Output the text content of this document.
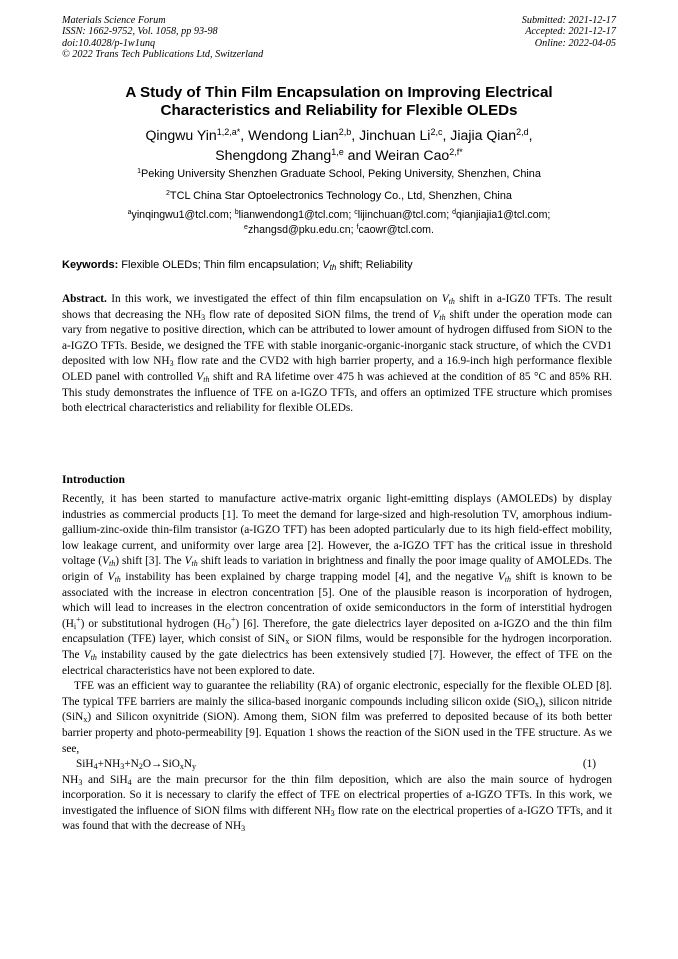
Materials Science Forum
ISSN: 1662-9752, Vol. 1058, pp 93-98
doi:10.4028/p-1w1unq
© 2022 Trans Tech Publications Ltd, Switzerland
Submitted: 2021-12-17
Accepted: 2021-12-17
Online: 2022-04-05
A Study of Thin Film Encapsulation on Improving Electrical
Characteristics and Reliability for Flexible OLEDs
Qingwu Yin$^{1,2,a*}$, Wendong Lian$^{2,b}$, Jinchuan Li$^{2,c}$, Jiajia Qian$^{2,d}$,
Shengdong Zhang$^{1,e}$ and Weiran Cao$^{2,f*}$
$^1$Peking University Shenzhen Graduate School, Peking University, Shenzhen, China
$^2$TCL China Star Optoelectronics Technology Co., Ltd, Shenzhen, China
$^a$yinqingwu1@tcl.com; $^b$lianwendong1@tcl.com; $^c$lijinchuan@tcl.com; $^d$qianjiajia1@tcl.com;
$^e$zhangsd@pku.edu.cn; $^f$caowr@tcl.com.
Keywords: Flexible OLEDs; Thin film encapsulation; $V_{th}$ shift; Reliability
Abstract. In this work, we investigated the effect of thin film encapsulation on $V_{th}$ shift in a-IGZ0 TFTs. The result shows that decreasing the $NH_3$ flow rate of deposited SiON films, the trend of $V_{th}$ shift under the operation mode can vary from negative to positive direction, which can be attributed to lower amount of hydrogen diffused from SiON to the a-IGZO TFTs. Beside, we designed the TFE with stable inorganic-organic-inorganic stack structure, of which the CVD1 deposited with low $NH_3$ flow rate and the CVD2 with high barrier property, and a 16.9-inch high performance flexible OLED panel with controlled $V_{th}$ shift and RA lifetime over 475 h was achieved at the condition of 85 °C and 85% RH. This study demonstrates the influence of TFE on a-IGZO TFTs, and offers an optimized TFE structure which promises both electrical characteristics and reliability for flexible OLEDs.
Introduction

Recently, it has been started to manufacture active-matrix organic light-emitting displays (AMOLEDs) by display industries as commercial products [1]. To meet the demand for large-sized and high-resolution TV, amorphous indium- gallium-zinc-oxide thin-film transistor (a-IGZO TFT) has been adopted particularly due to its high field-effect mobility, low leakage current, and uniformity over large area [2]. However, the a-IGZO TFT has the critical issue in threshold voltage $(V_{th})$ shift [3]. The $V_{th}$ shift leads to variation in brightness and finally the poor image quality of AMOLEDs. The origin of $V_{th}$ instability has been explained by charge trapping model [4], and the negative $V_{th}$ shift is known to be associated with the increase in electron concentration [5]. One of the plausible reason is incorporation of hydrogen, which will lead to increases in the electron concentration of oxide semiconductors in the form of interstitial hydrogen $(H_i^+)$ or substitutional hydrogen $(H_O^+)$ [6]. Therefore, the gate dielectrics layer deposited on a-IGZO and the thin film encapsulation (TFE) layer, which consist of SiN$_x$ or SiON films, would be responsible for the hydrogen incorporation. The $V_{th}$ instability caused by the gate dielectrics has been extensively studied [7]. However, the effect of TFE on the electrical characteristics have not been explored to date.

TFE was an efficient way to guarantee the reliability (RA) of organic electronic, especially for the flexible OLED [8]. The typical TFE barriers are mainly the silica-based inorganic compounds including silicon oxide (SiO$_x$), silicon nitride (SiN$_x$) and Silicon oxynitride (SiON). Among them, SiON film was preferred to deposited because of its both better barrier property and photo-permeability [9]. Equation 1 shows the reaction of the SiON used in the TFE structure. As we see,

$SiH_4+NH_3+N_2O\to SiO_xN_y$	(1)

$NH_3$ and SiH$_4$ are the main precursor for the thin film deposition, which are also the main source of hydrogen incorporation. So it is necessary to clarify the effect of TFE on electrical properties of a-IGZO TFTs. In this work, we investigated the influence of SiON films with different $NH_3$ flow rate on the electrical properties of a-IGZO TFTs, and it was found that with the decrease of $NH_3$
